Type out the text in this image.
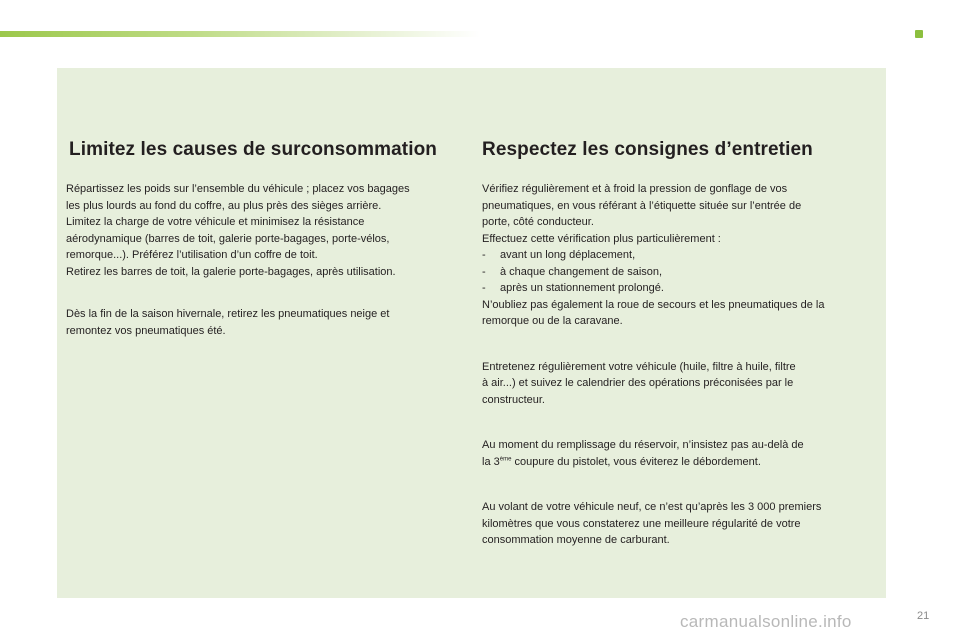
Limitez les causes de surconsommation

Répartissez les poids sur l’ensemble du véhicule ; placez vos bagages
les plus lourds au fond du coffre, au plus près des sièges arrière.
Limitez la charge de votre véhicule et minimisez la résistance
aérodynamique (barres de toit, galerie porte-bagages, porte-vélos,
remorque...). Préférez l’utilisation d’un coffre de toit.
Retirez les barres de toit, la galerie porte-bagages, après utilisation.

Dès la fin de la saison hivernale, retirez les pneumatiques neige et
remontez vos pneumatiques été.

Respectez les consignes d’entretien

Vérifiez régulièrement et à froid la pression de gonflage de vos
pneumatiques, en vous référant à l’étiquette située sur l’entrée de
porte, côté conducteur.
Effectuez cette vérification plus particulièrement :

- avant un long déplacement,
- à chaque changement de saison,
- après un stationnement prolongé.

N’oubliez pas également la roue de secours et les pneumatiques de la
remorque ou de la caravane.

Entretenez régulièrement votre véhicule (huile, filtre à huile, filtre
à air...) et suivez le calendrier des opérations préconisées par le
constructeur.

Au moment du remplissage du réservoir, n’insistez pas au-delà de
la 3ème coupure du pistolet, vous éviterez le débordement.

Au volant de votre véhicule neuf, ce n’est qu’après les 3 000 premiers
kilomètres que vous constaterez une meilleure régularité de votre
consommation moyenne de carburant.

carmanualsonline.info	21
